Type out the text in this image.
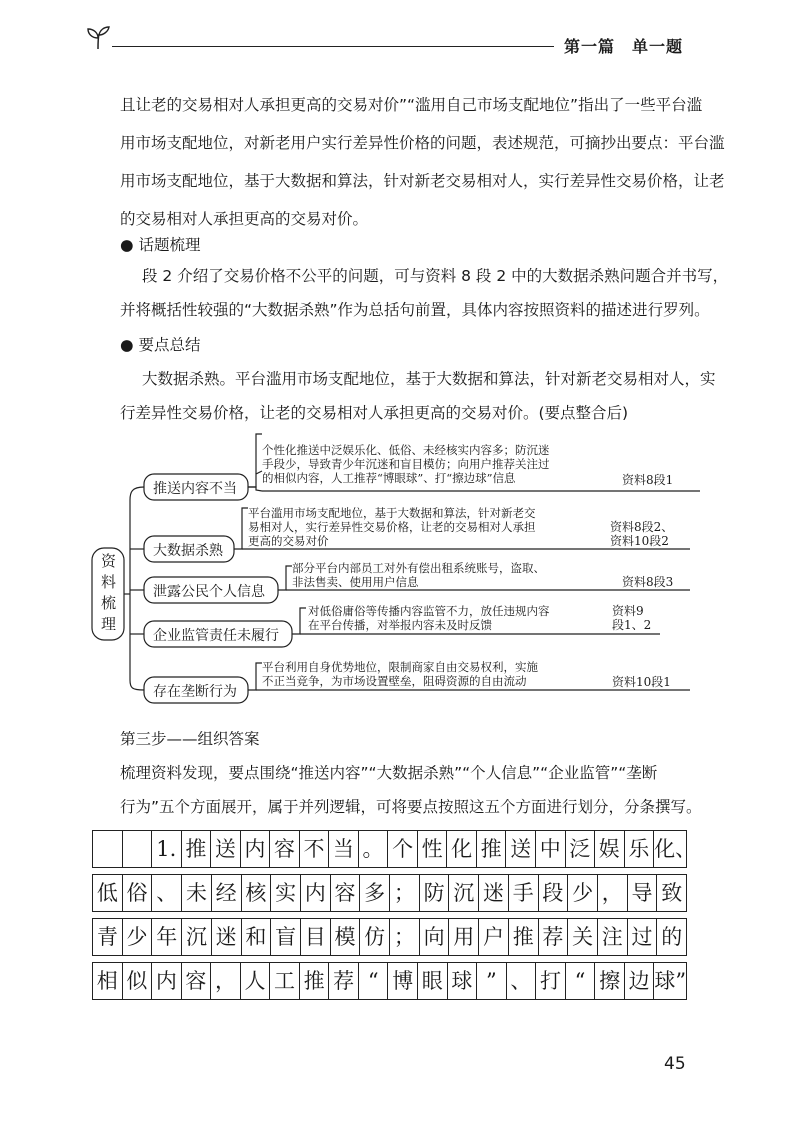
第一篇　单一题
且让老的交易相对人承担更高的交易对价”“滥用自己市场支配地位”指出了一些平台滥
用市场支配地位，对新老用户实行差异性价格的问题，表述规范，可摘抄出要点：平台滥
用市场支配地位，基于大数据和算法，针对新老交易相对人，实行差异性交易价格，让老
的交易相对人承担更高的交易对价。
● 话题梳理
段 2 介绍了交易价格不公平的问题，可与资料 8 段 2 中的大数据杀熟问题合并书写，
并将概括性较强的“大数据杀熟”作为总括句前置，具体内容按照资料的描述进行罗列。
● 要点总结
大数据杀熟。平台滥用市场支配地位，基于大数据和算法，针对新老交易相对人，实
行差异性交易价格，让老的交易相对人承担更高的交易对价。(要点整合后)
资
料
梳
理
推送内容不当
个性化推送中泛娱乐化、低俗、未经核实内容多；防沉迷
手段少，导致青少年沉迷和盲目模仿；向用户推荐关注过
的相似内容，人工推荐“博眼球”、打“擦边球”信息	资料8段1
大数据杀熟
平台滥用市场支配地位，基于大数据和算法，针对新老交
易相对人，实行差异性交易价格，让老的交易相对人承担
更高的交易对价
资料8段2、
资料10段2
泄露公民个人信息
部分平台内部员工对外有偿出租系统账号，盗取、
非法售卖、使用用户信息	资料8段3
企业监管责任未履行
对低俗庸俗等传播内容监管不力，放任违规内容
在平台传播，对举报内容未及时反馈
资料9
段1、2
存在垄断行为
平台利用自身优势地位，限制商家自由交易权利，实施
不正当竞争，为市场设置壁垒，阻碍资源的自由流动	资料10段1
第三步——组织答案
梳理资料发现，要点围绕“推送内容”“大数据杀熟”“个人信息”“企业监管”“垄断
行为”五个方面展开，属于并列逻辑，可将要点按照这五个方面进行划分，分条撰写。
1. 推 送 内 容 不 当 。 个 性 化 推 送 中 泛 娱 乐 化、
低 俗 、 未 经 核 实 内 容 多 ； 防 沉 迷 手 段 少 ， 导 致
青 少 年 沉 迷 和 盲 目 模 仿 ； 向 用 户 推 荐 关 注 过 的
相 似 内 容 ， 人 工 推 荐 “ 博 眼 球 ” 、 打 “ 擦 边 球”
45
